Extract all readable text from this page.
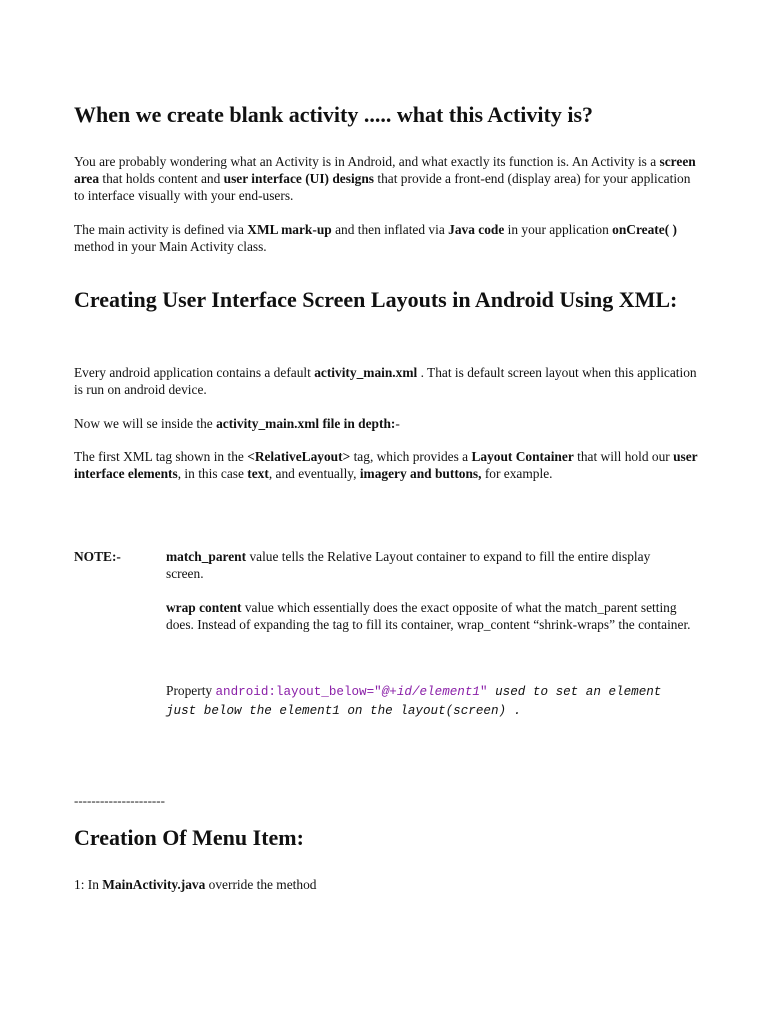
When we create blank activity ..... what this Activity is?

You are probably wondering what an Activity is in Android, and what exactly its function is. An Activity is a screen area that holds content and user interface (UI) designs that provide a front-end (display area) for your application to interface visually with your end-users.

The main activity is defined via XML mark-up and then inflated via Java code in your application onCreate( ) method in your Main Activity class.

Creating User Interface Screen Layouts in Android Using XML:

Every android application contains a default activity_main.xml . That is default screen layout when this application is run on android device.

Now we will se inside the activity_main.xml file in depth:-

The first XML tag shown in the <RelativeLayout> tag, which provides a Layout Container that will hold our user interface elements, in this case text, and eventually, imagery and buttons, for example.

NOTE:-	match_parent value tells the Relative Layout container to expand to fill the entire display screen.

wrap content value which essentially does the exact opposite of what the match_parent setting does. Instead of expanding the tag to fill its container, wrap_content “shrink-wraps” the container.

Property android:layout_below="@+id/element1" used to set an element just below the element1 on the layout(screen) .

---------------------
Creation Of Menu Item:

1: In MainActivity.java override the method
